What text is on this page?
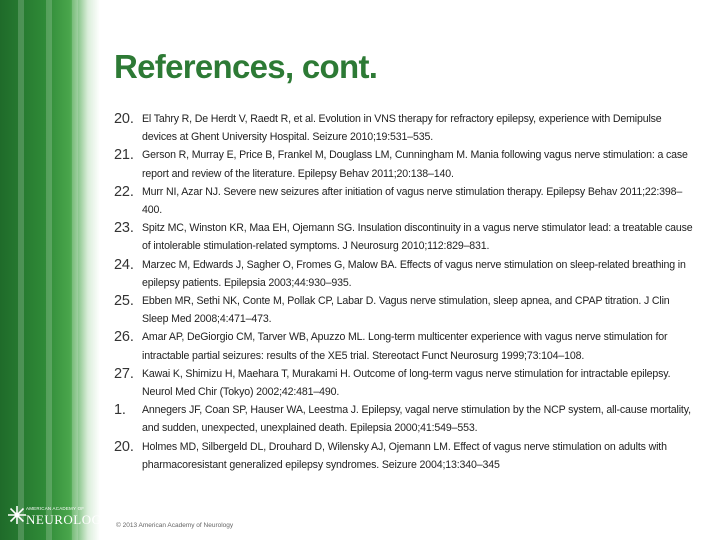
AMERICAN ACADEMY OF
NEUROLOGY.
References, cont.
20. El Tahry R, De Herdt V, Raedt R, et al. Evolution in VNS therapy for refractory epilepsy, experience with Demipulse devices at Ghent University Hospital. Seizure 2010;19:531–535.
21. Gerson R, Murray E, Price B, Frankel M, Douglass LM, Cunningham M. Mania following vagus nerve stimulation: a case report and review of the literature. Epilepsy Behav 2011;20:138–140.
22. Murr NI, Azar NJ. Severe new seizures after initiation of vagus nerve stimulation therapy. Epilepsy Behav 2011;22:398–400.
23. Spitz MC, Winston KR, Maa EH, Ojemann SG. Insulation discontinuity in a vagus nerve stimulator lead: a treatable cause of intolerable stimulation-related symptoms. J Neurosurg 2010;112:829–831.
24. Marzec M, Edwards J, Sagher O, Fromes G, Malow BA. Effects of vagus nerve stimulation on sleep-related breathing in epilepsy patients. Epilepsia 2003;44:930–935.
25. Ebben MR, Sethi NK, Conte M, Pollak CP, Labar D. Vagus nerve stimulation, sleep apnea, and CPAP titration. J Clin Sleep Med 2008;4:471–473.
26. Amar AP, DeGiorgio CM, Tarver WB, Apuzzo ML. Long-term multicenter experience with vagus nerve stimulation for intractable partial seizures: results of the XE5 trial. Stereotact Funct Neurosurg 1999;73:104–108.
27. Kawai K, Shimizu H, Maehara T, Murakami H. Outcome of long-term vagus nerve stimulation for intractable epilepsy. Neurol Med Chir (Tokyo) 2002;42:481–490.
1. Annegers JF, Coan SP, Hauser WA, Leestma J. Epilepsy, vagal nerve stimulation by the NCP system, all-cause mortality, and sudden, unexpected, unexplained death. Epilepsia 2000;41:549–553.
20. Holmes MD, Silbergeld DL, Drouhard D, Wilensky AJ, Ojemann LM. Effect of vagus nerve stimulation on adults with pharmacoresistant generalized epilepsy syndromes. Seizure 2004;13:340–345
© 2013 American Academy of Neurology
